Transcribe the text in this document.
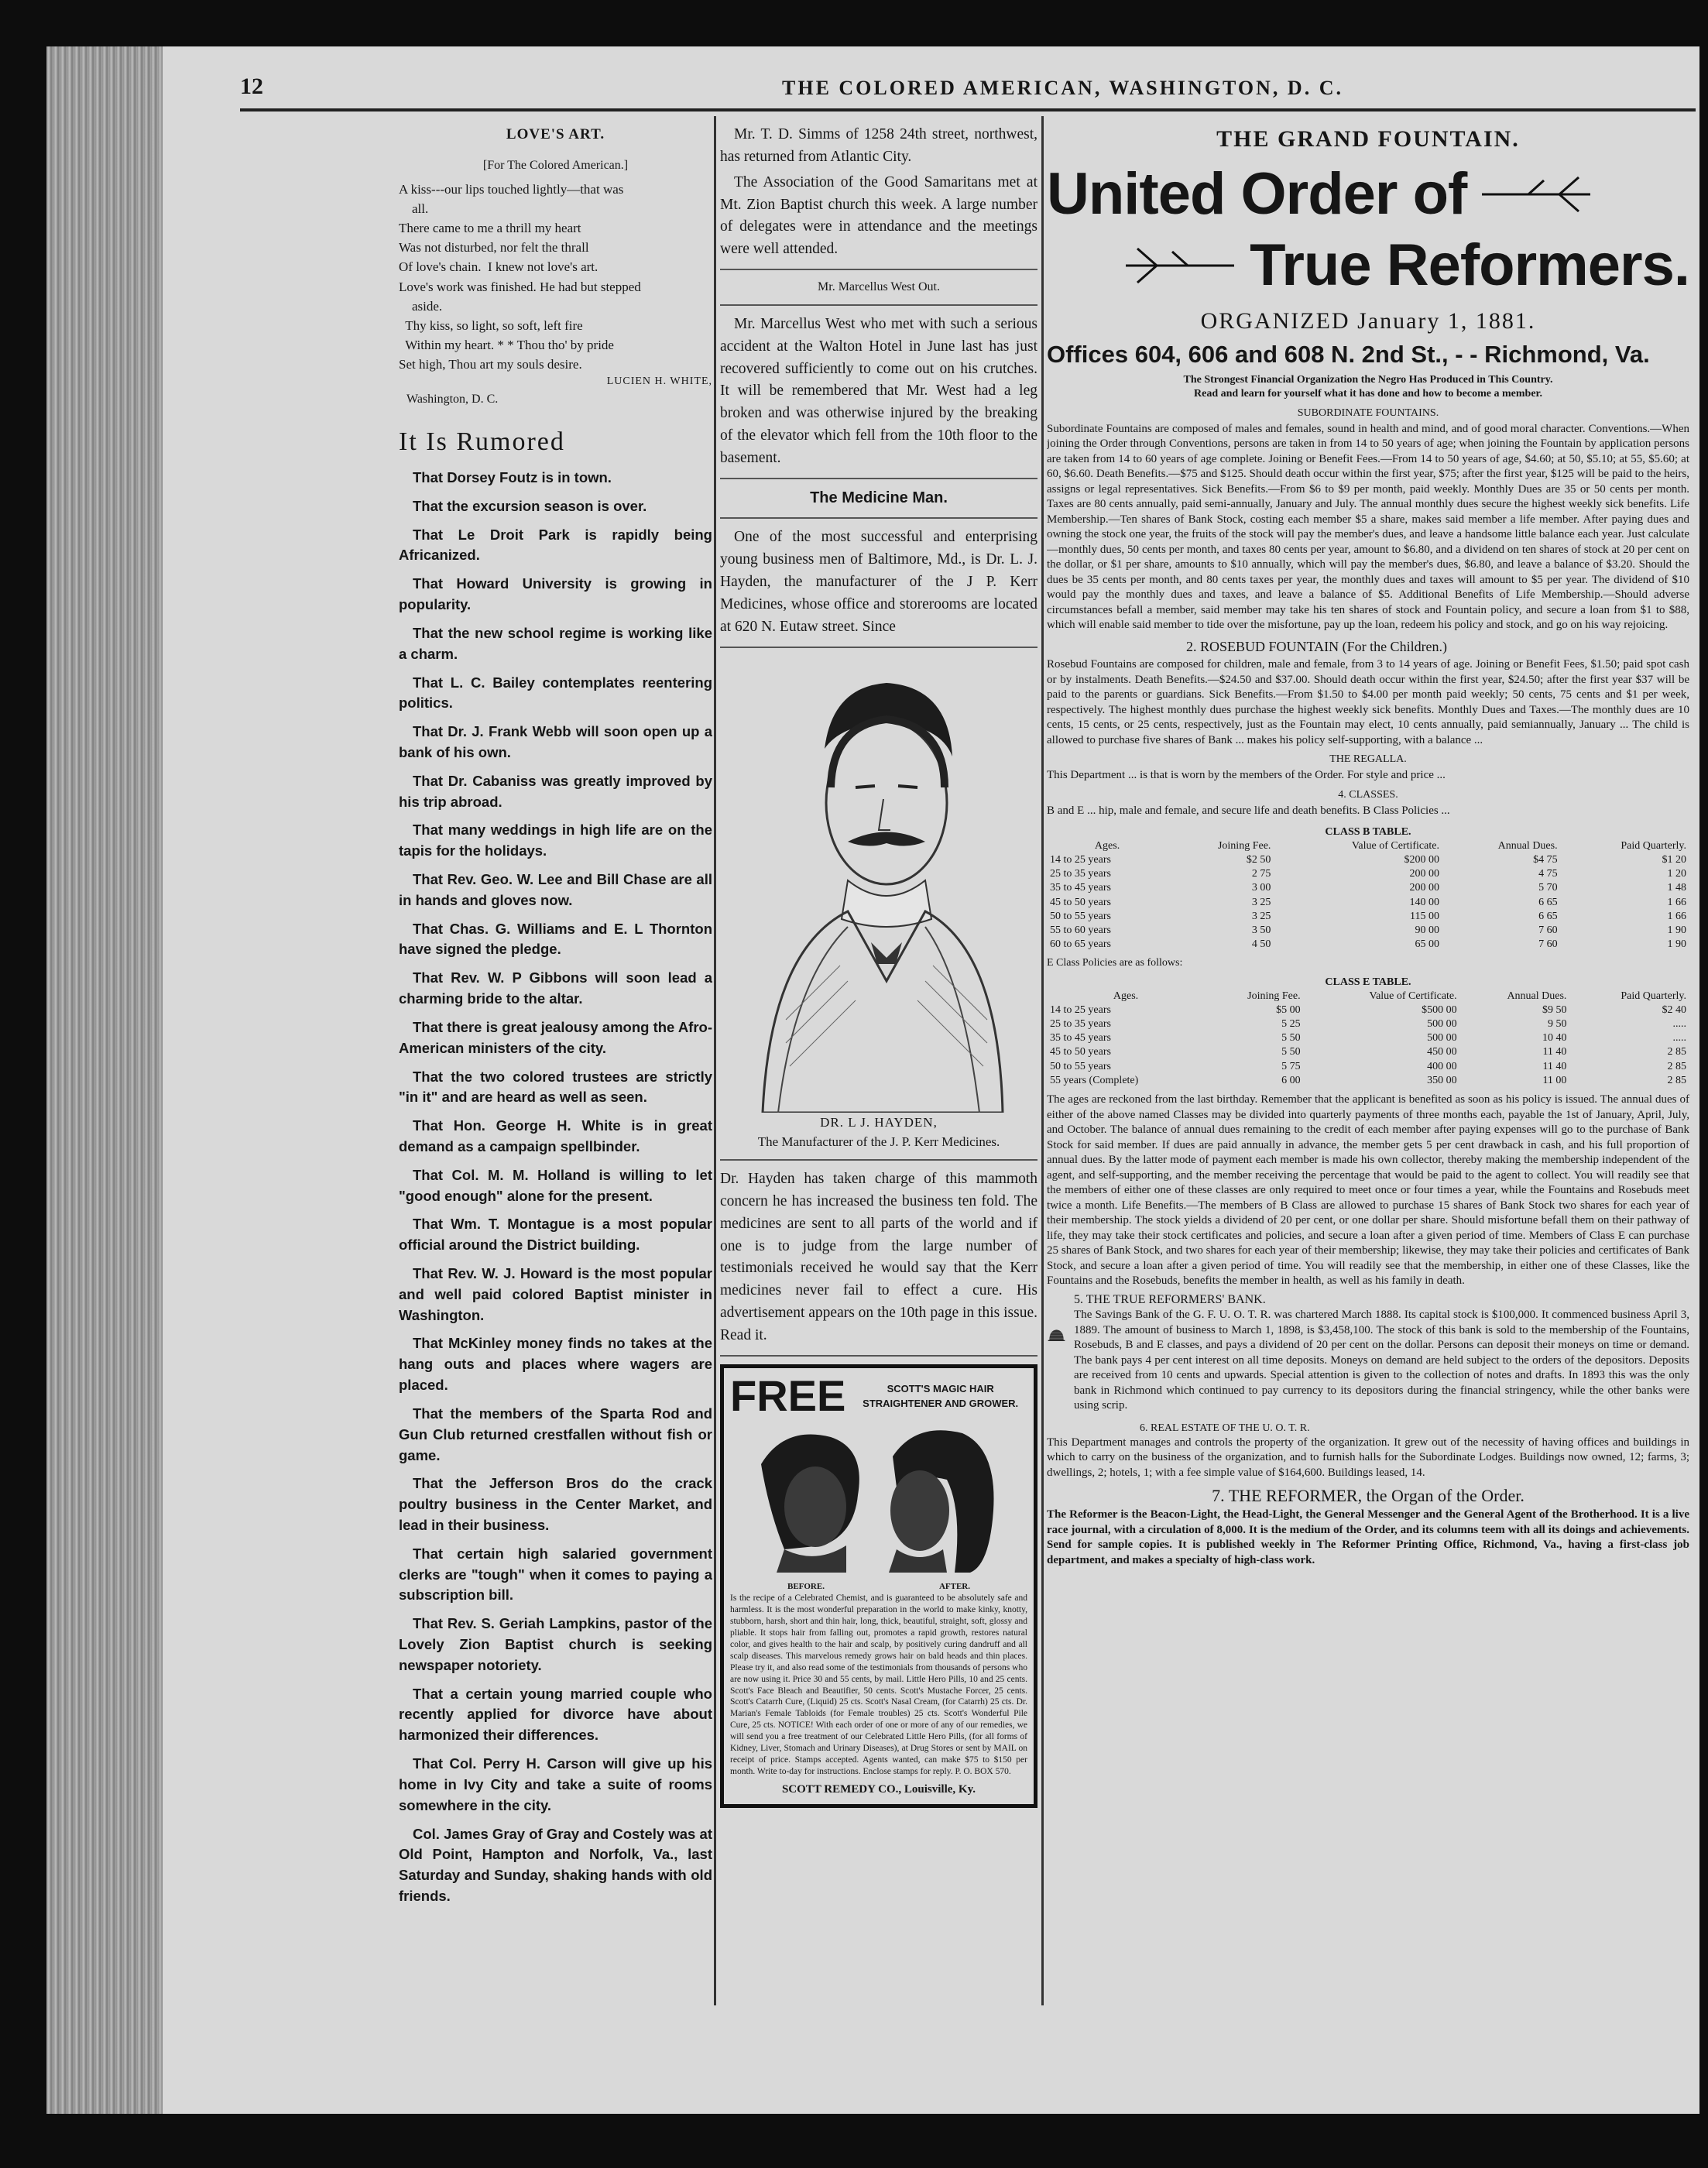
12	THE COLORED AMERICAN, WASHINGTON, D. C.
LOVE'S ART.
[For The Colored American.]
A kiss---our lips touched lightly—that was
all.
There came to me a thrill my heart
Was not disturbed, nor felt the thrall
Of love's chain.  I knew not love's art.
Love's work was finished. He had but stepped
aside.
Thy kiss, so light, so soft, left fire
Within my heart. * * Thou tho' by pride
Set high, Thou art my souls desire.
LUCIEN H. WHITE,
Washington, D. C.
It Is Rumored

That Dorsey Foutz is in town.

That the excursion season is over.

That Le Droit Park is rapidly being Africanized.

That Howard University is growing in popularity.

That the new school regime is working like a charm.

That L. C. Bailey contemplates reentering politics.

That Dr. J. Frank Webb will soon open up a bank of his own.

That Dr. Cabaniss was greatly improved by his trip abroad.

That many weddings in high life are on the tapis for the holidays.

That Rev. Geo. W. Lee and Bill Chase are all in hands and gloves now.

That Chas. G. Williams and E. L Thornton have signed the pledge.

That Rev. W. P Gibbons will soon lead a charming bride to the altar.

That there is great jealousy among the Afro-American ministers of the city.

That the two colored trustees are strictly "in it" and are heard as well as seen.

That Hon. George H. White is in great demand as a campaign spellbinder.

That Col. M. M. Holland is willing to let "good enough" alone for the present.

That Wm. T. Montague is a most popular official around the District building.

That Rev. W. J. Howard is the most popular and well paid colored Baptist minister in Washington.

That McKinley money finds no takes at the hang outs and places where wagers are placed.

That the members of the Sparta Rod and Gun Club returned crestfallen without fish or game.

That the Jefferson Bros do the crack poultry business in the Center Market, and lead in their business.

That certain high salaried government clerks are "tough" when it comes to paying a subscription bill.

That Rev. S. Geriah Lampkins, pastor of the Lovely Zion Baptist church is seeking newspaper notoriety.

That a certain young married couple who recently applied for divorce have about harmonized their differences.

That Col. Perry H. Carson will give up his home in Ivy City and take a suite of rooms somewhere in the city.

Col. James Gray of Gray and Costely was at Old Point, Hampton and Norfolk, Va., last Saturday and Sunday, shaking hands with old friends.

Mr. T. D. Simms of 1258 24th street, northwest, has returned from Atlantic City.

The Association of the Good Samaritans met at Mt. Zion Baptist church this week. A large number of delegates were in attendance and the meetings were well attended.

Mr. Marcellus West Out.

Mr. Marcellus West who met with such a serious accident at the Walton Hotel in June last has just recovered sufficiently to come out on his crutches. It will be remembered that Mr. West had a leg broken and was otherwise injured by the breaking of the elevator which fell from the 10th floor to the basement.

The Medicine Man.

One of the most successful and enterprising young business men of Baltimore, Md., is Dr. L. J. Hayden, the manufacturer of the J P. Kerr Medicines, whose office and storerooms are located at 620 N. Eutaw street. Since

DR. L J. HAYDEN,
The Manufacturer of the J. P. Kerr Medicines.

Dr. Hayden has taken charge of this mammoth concern he has increased the business ten fold. The medicines are sent to all parts of the world and if one is to judge from the large number of testimonials received he would say that the Kerr medicines never fail to effect a cure. His advertisement appears on the 10th page in this issue. Read it.

FREE	SCOTT'S MAGIC HAIR STRAIGHTENER AND GROWER.
BEFORE.	AFTER.
Is the recipe of a Celebrated Chemist, and is guaranteed to be absolutely safe and harmless. It is the most wonderful preparation in the world to make kinky, knotty, stubborn, harsh, short and thin hair, long, thick, beautiful, straight, soft, glossy and pliable. It stops hair from falling out, promotes a rapid growth, restores natural color, and gives health to the hair and scalp, by positively curing dandruff and all scalp diseases. This marvelous remedy grows hair on bald heads and thin places. Please try it, and also read some of the testimonials from thousands of persons who are now using it. Price 30 and 55 cents, by mail. Little Hero Pills, 10 and 25 cents. Scott's Face Bleach and Beautifier, 50 cents. Scott's Mustache Forcer, 25 cents. Scott's Catarrh Cure, (Liquid) 25 cts. Scott's Nasal Cream, (for Catarrh) 25 cts. Dr. Marian's Female Tabloids (for Female troubles) 25 cts. Scott's Wonderful Pile Cure, 25 cts. NOTICE! With each order of one or more of any of our remedies, we will send you a free treatment of our Celebrated Little Hero Pills, (for all forms of Kidney, Liver, Stomach and Urinary Diseases), at Drug Stores or sent by MAIL on receipt of price. Stamps accepted. Agents wanted, can make $75 to $150 per month. Write to-day for instructions. Enclose stamps for reply. P. O. BOX 570.
SCOTT REMEDY CO., Louisville, Ky.
THE GRAND FOUNTAIN.
United Order of
True Reformers.
ORGANIZED January 1, 1881.
Offices 604, 606 and 608 N. 2nd St., - - Richmond, Va.
The Strongest Financial Organization the Negro Has Produced in This Country.
Read and learn for yourself what it has done and how to become a member.
SUBORDINATE FOUNTAINS.

Subordinate Fountains are composed of males and females, sound in health and mind, and of good moral character. Conventions.—When joining the Order through Conventions, persons are taken in from 14 to 50 years of age; when joining the Fountain by application persons are taken from 14 to 60 years of age complete. Joining or Benefit Fees.—From 14 to 50 years of age, $4.60; at 50, $5.10; at 55, $5.60; at 60, $6.60. Death Benefits.—$75 and $125. Should death occur within the first year, $75; after the first year, $125 will be paid to the heirs, assigns or legal representatives. Sick Benefits.—From $6 to $9 per month, paid weekly. Monthly Dues are 35 or 50 cents per month. Taxes are 80 cents annually, paid semi-annually, January and July. The annual monthly dues secure the highest weekly sick benefits. Life Membership.—Ten shares of Bank Stock, costing each member $5 a share, makes said member a life member. After paying dues and owning the stock one year, the fruits of the stock will pay the member's dues, and leave a handsome little balance each year. Just calculate—monthly dues, 50 cents per month, and taxes 80 cents per year, amount to $6.80, and a dividend on ten shares of stock at 20 per cent on the dollar, or $1 per share, amounts to $10 annually, which will pay the member's dues, $6.80, and leave a balance of $3.20. Should the dues be 35 cents per month, and 80 cents taxes per year, the monthly dues and taxes will amount to $5 per year. The dividend of $10 would pay the monthly dues and taxes, and leave a balance of $5. Additional Benefits of Life Membership.—Should adverse circumstances befall a member, said member may take his ten shares of stock and Fountain policy, and secure a loan from $1 to $88, which will enable said member to tide over the misfortune, pay up the loan, redeem his policy and stock, and go on his way rejoicing.

2. ROSEBUD FOUNTAIN (For the Children.)

Rosebud Fountains are composed for children, male and female, from 3 to 14 years of age. Joining or Benefit Fees, $1.50; paid spot cash or by instalments. Death Benefits.—$24.50 and $37.00. Should death occur within the first year, $24.50; after the first year $37 will be paid to the parents or guardians. Sick Benefits.—From $1.50 to $4.00 per month paid weekly; 50 cents, 75 cents and $1 per week, respectively. The highest monthly dues purchase the highest weekly sick benefits. Monthly Dues and Taxes.—The monthly dues are 10 cents, 15 cents, or 25 cents, respectively, just as the Fountain may elect, 10 cents annually, paid semiannually, January ... The child is allowed to purchase five shares of Bank ... makes his policy self-supporting, with a balance ...

THE REGALLA.

This Department ... is that is worn by the members of the Order. For style and price ...

4. CLASSES.

B and E ... hip, male and female, and secure life and death benefits. B Class Policies ...

CLASS B TABLE.
Ages.	Joining Fee.	Value of Certificate.	Annual Dues.	Paid Quarterly.
14 to 25 years	$2 50	$200 00	$4 75	$1 20
25 to 35 years	2 75	200 00	4 75	1 20
35 to 45 years	3 00	200 00	5 70	1 48
45 to 50 years	3 25	140 00	6 65	1 66
50 to 55 years	3 25	115 00	6 65	1 66
55 to 60 years	3 50	90 00	7 60	1 90
60 to 65 years	4 50	65 00	7 60	1 90
E Class Policies are as follows:
CLASS E TABLE.
Ages.	Joining Fee.	Value of Certificate.	Annual Dues.	Paid Quarterly.
14 to 25 years	$5 00	$500 00	$9 50	$2 40
25 to 35 years	5 25	500 00	9 50	.....
35 to 45 years	5 50	500 00	10 40	.....
45 to 50 years	5 50	450 00	11 40	2 85
50 to 55 years	5 75	400 00	11 40	2 85
55 years (Complete)	6 00	350 00	11 00	2 85

The ages are reckoned from the last birthday. Remember that the applicant is benefited as soon as his policy is issued. The annual dues of either of the above named Classes may be divided into quarterly payments of three months each, payable the 1st of January, April, July, and October. The balance of annual dues remaining to the credit of each member after paying expenses will go to the purchase of Bank Stock for said member. If dues are paid annually in advance, the member gets 5 per cent drawback in cash, and his full proportion of annual dues. By the latter mode of payment each member is made his own collector, thereby making the membership independent of the agent, and self-supporting, and the member receiving the percentage that would be paid to the agent to collect. You will readily see that the members of either one of these classes are only required to meet once or four times a year, while the Fountains and Rosebuds meet twice a month. Life Benefits.—The members of B Class are allowed to purchase 15 shares of Bank Stock two shares for each year of their membership. The stock yields a dividend of 20 per cent, or one dollar per share. Should misfortune befall them on their pathway of life, they may take their stock certificates and policies, and secure a loan after a given period of time. Members of Class E can purchase 25 shares of Bank Stock, and two shares for each year of their membership; likewise, they may take their policies and certificates of Bank Stock, and secure a loan after a given period of time. You will readily see that the membership, in either one of these Classes, like the Fountains and the Rosebuds, benefits the member in health, as well as his family in death.

5. THE TRUE REFORMERS' BANK.

The Savings Bank of the G. F. U. O. T. R. was chartered March 1888. Its capital stock is $100,000. It commenced business April 3, 1889. The amount of business to March 1, 1898, is $3,458,100. The stock of this bank is sold to the membership of the Fountains, Rosebuds, B and E classes, and pays a dividend of 20 per cent on the dollar. Persons can deposit their moneys on time or demand. The bank pays 4 per cent interest on all time deposits. Moneys on demand are held subject to the orders of the depositors. Deposits are received from 10 cents and upwards. Special attention is given to the collection of notes and drafts. In 1893 this was the only bank in Richmond which continued to pay currency to its depositors during the financial stringency, while the other banks were using scrip.

6. REAL ESTATE OF THE U. O. T. R.

This Department manages and controls the property of the organization. It grew out of the necessity of having offices and buildings in which to carry on the business of the organization, and to furnish halls for the Subordinate Lodges. Buildings now owned, 12; farms, 3; dwellings, 2; hotels, 1; with a fee simple value of $164,600. Buildings leased, 14.

7. THE REFORMER, the Organ of the Order.

The Reformer is the Beacon-Light, the Head-Light, the General Messenger and the General Agent of the Brotherhood. It is a live race journal, with a circulation of 8,000. It is the medium of the Order, and its columns teem with all its doings and achievements. Send for sample copies. It is published weekly in The Reformer Printing Office, Richmond, Va., having a first-class job department, and makes a specialty of high-class work.
